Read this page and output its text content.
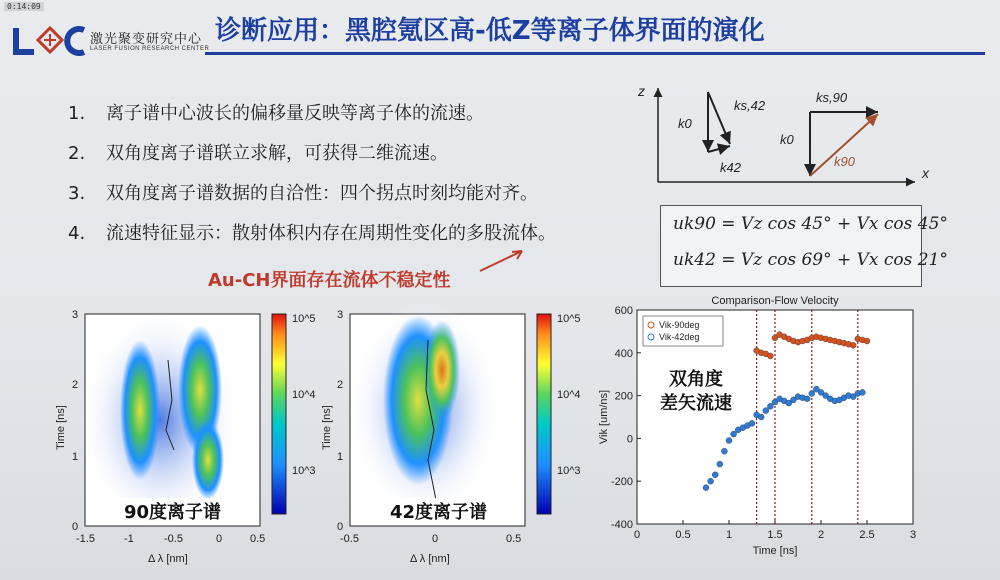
0:14:09
激光聚变研究中心
LASER FUSION RESEARCH CENTER
诊断应用：黑腔氪区高-低Z等离子体界面的演化
1. 离子谱中心波长的偏移量反映等离子体的流速。
2. 双角度离子谱联立求解，可获得二维流速。
3. 双角度离子谱数据的自洽性：四个拐点时刻均能对齐。
4. 流速特征显示：散射体积内存在周期性变化的多股流体。
Au-CH界面存在流体不稳定性
z
x
k0
ks,42
k42
k0
ks,90
k90
uk90 = Vz cos 45° + Vx cos 45°
uk42 = Vz cos 69° + Vx cos 21°
10^5
10^4
10^3
0
1
2
3
-1.5	-1	-0.5	0	0.5
Δ λ [nm]
Time [ns]
90度离子谱
10^5
10^4
10^3
0
1
2
3
-0.5	0	0.5
Δ λ [nm]
Time [ns]
42度离子谱
Comparison-Flow Velocity
0	0.5	1	1.5	2	2.5	3
-400
-200
0
200
400
600
Time [ns]
Vik [um/ns]
Vik-90deg
Vik-42deg
双角度
差矢流速
